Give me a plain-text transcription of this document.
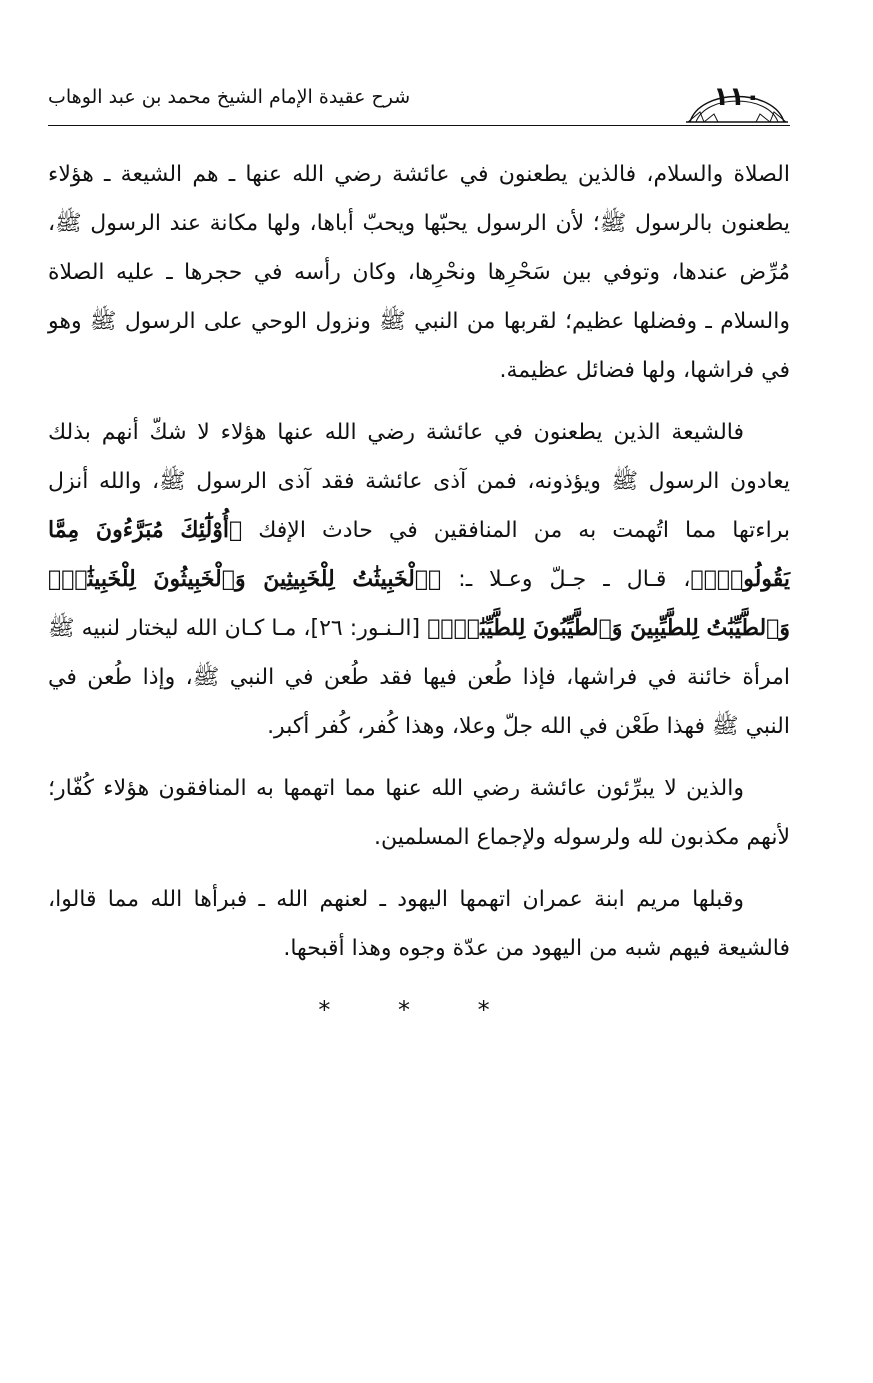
١١٠
شرح عقيدة الإمام الشيخ محمد بن عبد الوهاب

الصلاة والسلام، فالذين يطعنون في عائشة رضي الله عنها ـ هم الشيعة ـ هؤلاء يطعنون بالرسول ﷺ؛ لأن الرسول يحبّها ويحبّ أباها، ولها مكانة عند الرسول ﷺ، مُرِّض عندها، وتوفي بين سَحْرِها ونحْرِها، وكان رأسه في حجرها ـ عليه الصلاة والسلام ـ وفضلها عظيم؛ لقربها من النبي ﷺ ونزول الوحي على الرسول ﷺ وهو في فراشها، ولها فضائل عظيمة.

فالشيعة الذين يطعنون في عائشة رضي الله عنها هؤلاء لا شكّ أنهم بذلك يعادون الرسول ﷺ ويؤذونه، فمن آذى عائشة فقد آذى الرسول ﷺ، والله أنزل براءتها مما اتُهمت به من المنافقين في حادث الإفك ﴿أُوْلَٰٓئِكَ مُبَرَّءُونَ مِمَّا يَقُولُونَۖ﴾، قـال ـ جـلّ وعـلا ـ: ﴿ٱلْخَبِيثَٰتُ لِلْخَبِيثِينَ وَٱلْخَبِيثُونَ لِلْخَبِيثَٰتِۖ وَٱلطَّيِّبَٰتُ لِلطَّيِّبِينَ وَٱلطَّيِّبُونَ لِلطَّيِّبَٰتِۚ﴾ [الـنـور: ٢٦]، مـا كـان الله ليختار لنبيه ﷺ امرأة خائنة في فراشها، فإذا طُعن فيها فقد طُعن في النبي ﷺ، وإذا طُعن في النبي ﷺ فهذا طَعْن في الله جلّ وعلا، وهذا كُفر، كُفر أكبر.

والذين لا يبرِّئون عائشة رضي الله عنها مما اتهمها به المنافقون هؤلاء كُفّار؛ لأنهم مكذبون لله ولرسوله ولإجماع المسلمين.

وقبلها مريم ابنة عمران اتهمها اليهود ـ لعنهم الله ـ فبرأها الله مما قالوا، فالشيعة فيهم شبه من اليهود من عدّة وجوه وهذا أقبحها.

* * *
